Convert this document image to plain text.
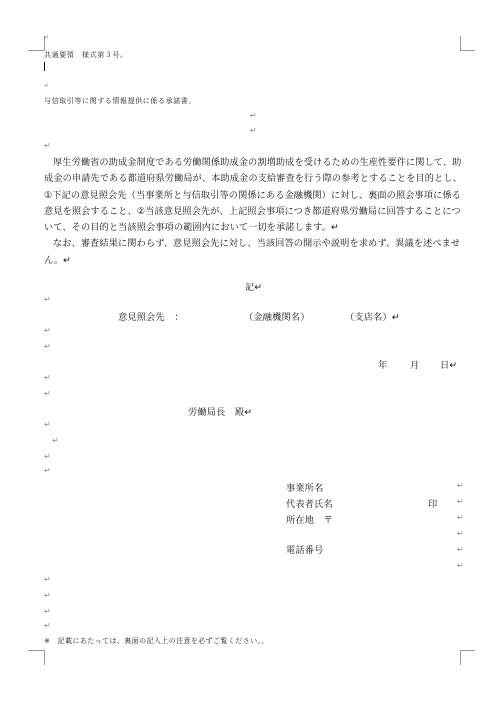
↵
共通要領　様式第３号。
↵
与信取引等に関する情報提供に係る承諾書。
↵
↵
↵

厚生労働省の助成金制度である労働関係助成金の割増助成を受けるための生産性要件に関して、助成金の申請先である都道府県労働局が、本助成金の支給審査を行う際の参考とすることを目的とし、①下記の意見照会先（当事業所と与信取引等の関係にある金融機関）に対し、裏面の照会事項に係る意見を照会すること、②当該意見照会先が、上記照会事項につき都道府県労働局に回答することについて、その目的と当該照会事項の範囲内において一切を承諾します。↵

なお、審査結果に関わらず、意見照会先に対し、当該回答の開示や説明を求めず、異議を述べません。↵

記↵
↵
意見照会先　：	（金融機関名）	（支店名）↵
↵
↵
年 月 日↵
↵
↵
労働局長　殿↵
↵
↵
↵
↵
事業所名	↵
代表者氏名	印 ↵
所在地　〒	↵
↵
電話番号	↵
↵
↵
↵
↵
↵
※　記載にあたっては、裏面の記入上の注意を必ずご覧ください。。
